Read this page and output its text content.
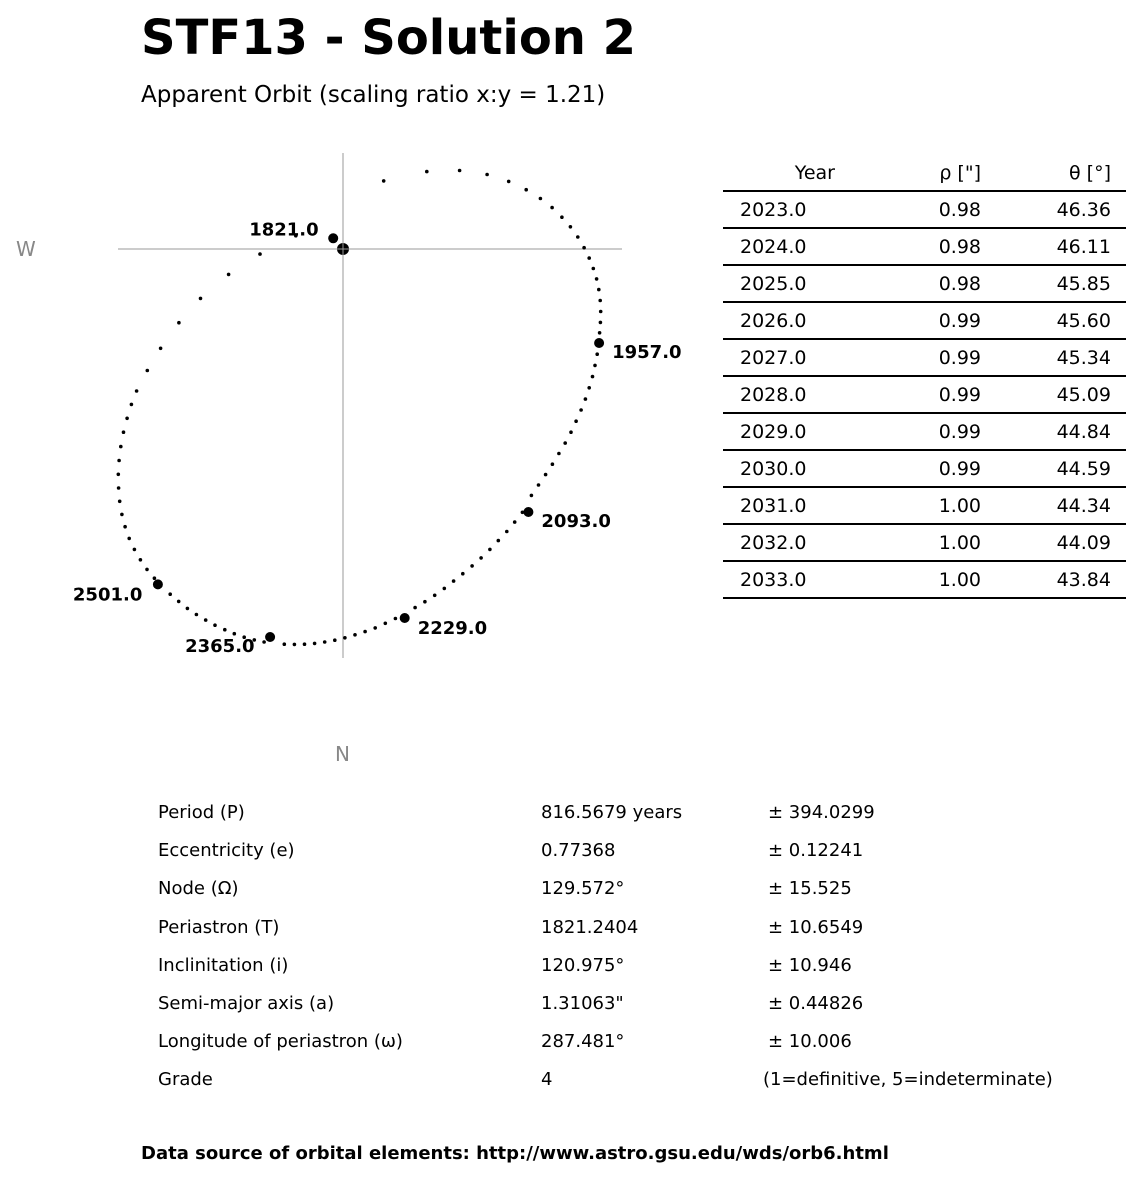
STF13 - Solution 2
Apparent Orbit (scaling ratio x:y = 1.21)
W
N
1821.0
1957.0
2093.0
2229.0
2365.0
2501.0
Year	ρ ["]	θ [°]
2023.0	0.98	46.36
2024.0	0.98	46.11
2025.0	0.98	45.85
2026.0	0.99	45.60
2027.0	0.99	45.34
2028.0	0.99	45.09
2029.0	0.99	44.84
2030.0	0.99	44.59
2031.0	1.00	44.34
2032.0	1.00	44.09
2033.0	1.00	43.84
Period (P)	816.5679 years	± 394.0299
Eccentricity (e)	0.77368	± 0.12241
Node (Ω)	129.572°	± 15.525
Periastron (T)	1821.2404	± 10.6549
Inclinitation (i)	120.975°	± 10.946
Semi-major axis (a)	1.31063"	± 0.44826
Longitude of periastron (ω)	287.481°	± 10.006
Grade	4	(1=definitive, 5=indeterminate)
Data source of orbital elements: http://www.astro.gsu.edu/wds/orb6.html
